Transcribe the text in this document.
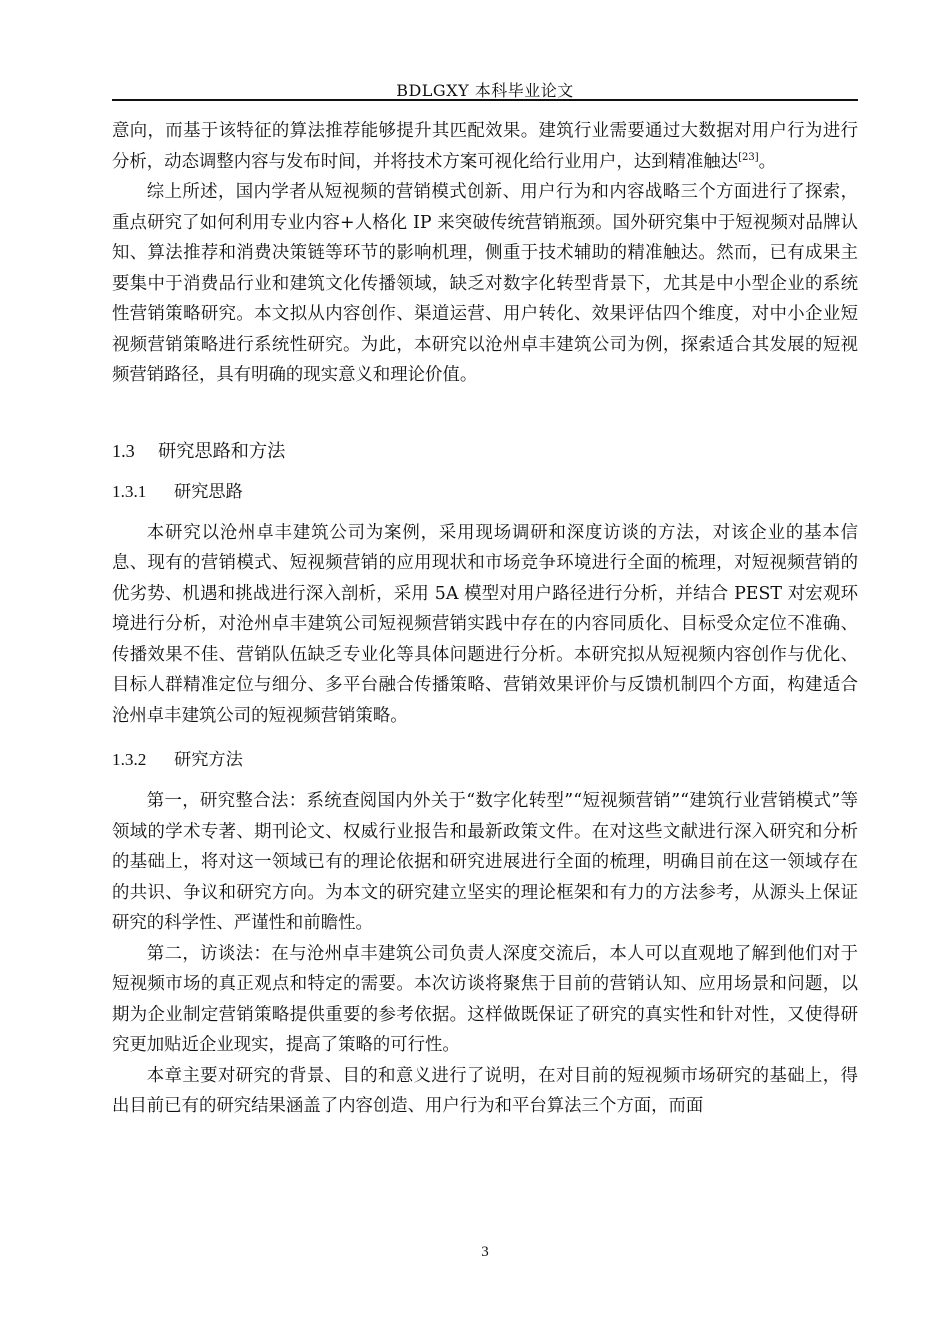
BDLGXY 本科毕业论文

意向，而基于该特征的算法推荐能够提升其匹配效果。建筑行业需要通过大数据对用户行为进行分析，动态调整内容与发布时间，并将技术方案可视化给行业用户，达到精准触达[23]。

综上所述，国内学者从短视频的营销模式创新、用户行为和内容战略三个方面进行了探索，重点研究了如何利用专业内容+人格化 IP 来突破传统营销瓶颈。国外研究集中于短视频对品牌认知、算法推荐和消费决策链等环节的影响机理，侧重于技术辅助的精准触达。然而，已有成果主要集中于消费品行业和建筑文化传播领域，缺乏对数字化转型背景下，尤其是中小型企业的系统性营销策略研究。本文拟从内容创作、渠道运营、用户转化、效果评估四个维度，对中小企业短视频营销策略进行系统性研究。为此，本研究以沧州卓丰建筑公司为例，探索适合其发展的短视频营销路径，具有明确的现实意义和理论价值。

1.3 研究思路和方法
1.3.1 研究思路

本研究以沧州卓丰建筑公司为案例，采用现场调研和深度访谈的方法，对该企业的基本信息、现有的营销模式、短视频营销的应用现状和市场竞争环境进行全面的梳理，对短视频营销的优劣势、机遇和挑战进行深入剖析，采用 5A 模型对用户路径进行分析，并结合 PEST 对宏观环境进行分析，对沧州卓丰建筑公司短视频营销实践中存在的内容同质化、目标受众定位不准确、传播效果不佳、营销队伍缺乏专业化等具体问题进行分析。本研究拟从短视频内容创作与优化、目标人群精准定位与细分、多平台融合传播策略、营销效果评价与反馈机制四个方面，构建适合沧州卓丰建筑公司的短视频营销策略。

1.3.2 研究方法

第一，研究整合法：系统查阅国内外关于“数字化转型”“短视频营销”“建筑行业营销模式”等领域的学术专著、期刊论文、权威行业报告和最新政策文件。在对这些文献进行深入研究和分析的基础上，将对这一领域已有的理论依据和研究进展进行全面的梳理，明确目前在这一领域存在的共识、争议和研究方向。为本文的研究建立坚实的理论框架和有力的方法参考，从源头上保证研究的科学性、严谨性和前瞻性。

第二，访谈法：在与沧州卓丰建筑公司负责人深度交流后，本人可以直观地了解到他们对于短视频市场的真正观点和特定的需要。本次访谈将聚焦于目前的营销认知、应用场景和问题，以期为企业制定营销策略提供重要的参考依据。这样做既保证了研究的真实性和针对性，又使得研究更加贴近企业现实，提高了策略的可行性。

本章主要对研究的背景、目的和意义进行了说明，在对目前的短视频市场研究的基础上，得出目前已有的研究结果涵盖了内容创造、用户行为和平台算法三个方面，而面

3
